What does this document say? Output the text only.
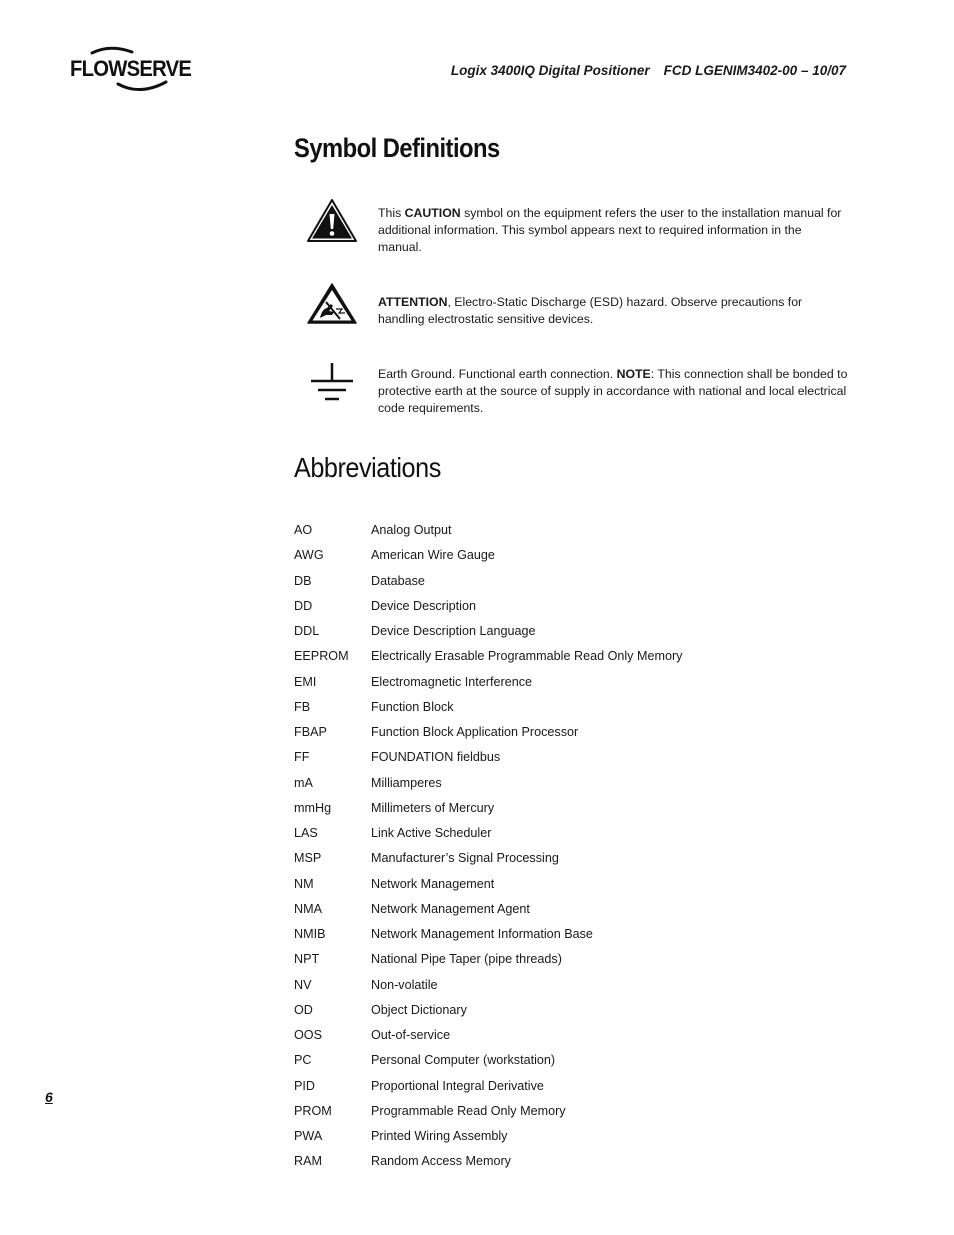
FLOWSERVE	Logix 3400IQ Digital Positioner FCD LGENIM3402-00 – 10/07
Symbol Definitions
This CAUTION symbol on the equipment refers the user to the installation manual for additional information. This symbol appears next to required information in the manual.
ATTENTION, Electro-Static Discharge (ESD) hazard. Observe precautions for handling electrostatic sensitive devices.
Earth Ground. Functional earth connection. NOTE: This connection shall be bonded to protective earth at the source of supply in accordance with national and local electrical code requirements.
Abbreviations
AO	Analog Output
AWG	American Wire Gauge
DB	Database
DD	Device Description
DDL	Device Description Language
EEPROM Electrically Erasable Programmable Read Only Memory
EMI	Electromagnetic Interference
FB	Function Block
FBAP	Function Block Application Processor
FF	FOUNDATION fieldbus
mA	Milliamperes
mmHg	Millimeters of Mercury
LAS	Link Active Scheduler
MSP	Manufacturer’s Signal Processing
NM	Network Management
NMA	Network Management Agent
NMIB	Network Management Information Base
NPT	National Pipe Taper (pipe threads)
NV	Non-volatile
OD	Object Dictionary
OOS	Out-of-service
PC	Personal Computer (workstation)
PID	Proportional Integral Derivative
PROM	Programmable Read Only Memory
PWA	Printed Wiring Assembly
RAM	Random Access Memory
6
